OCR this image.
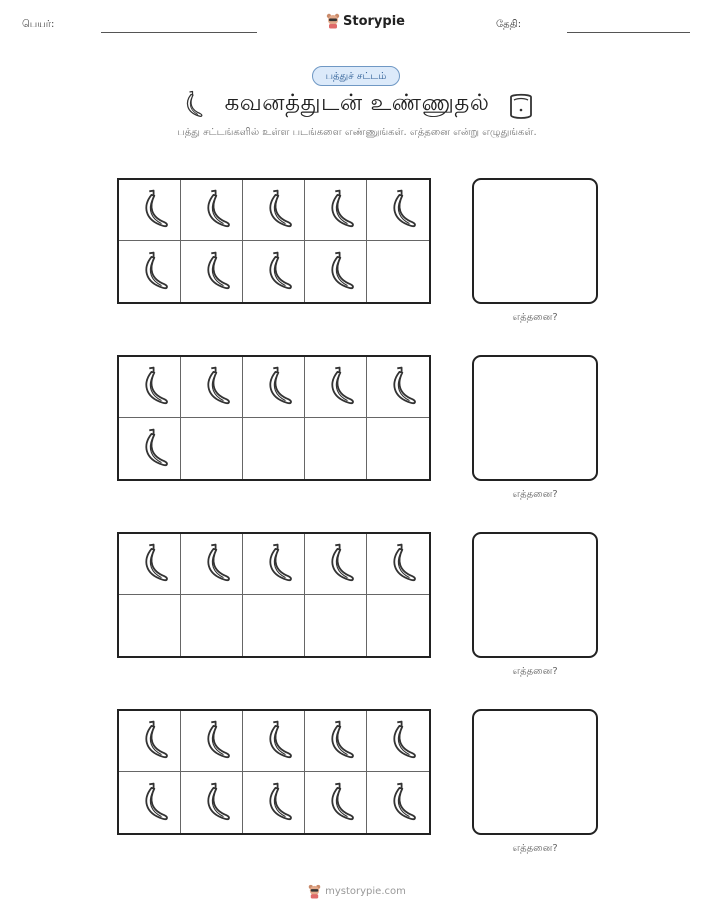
பெயர்:	Storypie	தேதி:
பத்துச் சட்டம்
கவனத்துடன் உண்ணுதல்
பத்து சட்டங்களில் உள்ள படங்களை எண்ணுங்கள். எத்தனை என்று எழுதுங்கள்.
எத்தனை?
எத்தனை?
எத்தனை?
எத்தனை?
mystorypie.com
